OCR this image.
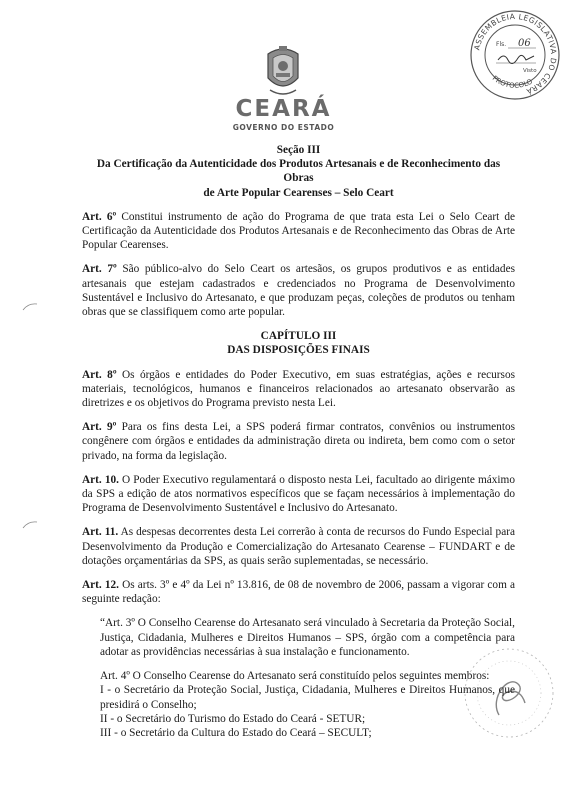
ASSEMBLEIA LEGISLATIVA DO CEARÁ
PROTOCOLO
Fls. 06
Visto
CEARÁ
GOVERNO DO ESTADO

Seção III

Da Certificação da Autenticidade dos Produtos Artesanais e de Reconhecimento das Obras

de Arte Popular Cearenses – Selo Ceart

Art. 6º Constitui instrumento de ação do Programa de que trata esta Lei o Selo Ceart de Certificação da Autenticidade dos Produtos Artesanais e de Reconhecimento das Obras de Arte Popular Cearenses.

Art. 7º São público-alvo do Selo Ceart os artesãos, os grupos produtivos e as entidades artesanais que estejam cadastrados e credenciados no Programa de Desenvolvimento Sustentável e Inclusivo do Artesanato, e que produzam peças, coleções de produtos ou tenham obras que se classifiquem como arte popular.

CAPÍTULO III

DAS DISPOSIÇÕES FINAIS

Art. 8º Os órgãos e entidades do Poder Executivo, em suas estratégias, ações e recursos materiais, tecnológicos, humanos e financeiros relacionados ao artesanato observarão as diretrizes e os objetivos do Programa previsto nesta Lei.

Art. 9º Para os fins desta Lei, a SPS poderá firmar contratos, convênios ou instrumentos congênere com órgãos e entidades da administração direta ou indireta, bem como com o setor privado, na forma da legislação.

Art. 10. O Poder Executivo regulamentará o disposto nesta Lei, facultado ao dirigente máximo da SPS a edição de atos normativos específicos que se façam necessários à implementação do Programa de Desenvolvimento Sustentável e Inclusivo do Artesanato.

Art. 11. As despesas decorrentes desta Lei correrão à conta de recursos do Fundo Especial para Desenvolvimento da Produção e Comercialização do Artesanato Cearense – FUNDART e de dotações orçamentárias da SPS, as quais serão suplementadas, se necessário.

Art. 12. Os arts. 3º e 4º da Lei nº 13.816, de 08 de novembro de 2006, passam a vigorar com a seguinte redação:

“Art. 3º O Conselho Cearense do Artesanato será vinculado à Secretaria da Proteção Social, Justiça, Cidadania, Mulheres e Direitos Humanos – SPS, órgão com a competência para adotar as providências necessárias à sua instalação e funcionamento.

Art. 4º O Conselho Cearense do Artesanato será constituído pelos seguintes membros:

I - o Secretário da Proteção Social, Justiça, Cidadania, Mulheres e Direitos Humanos, que presidirá o Conselho;

II - o Secretário do Turismo do Estado do Ceará - SETUR;

III - o Secretário da Cultura do Estado do Ceará – SECULT;
